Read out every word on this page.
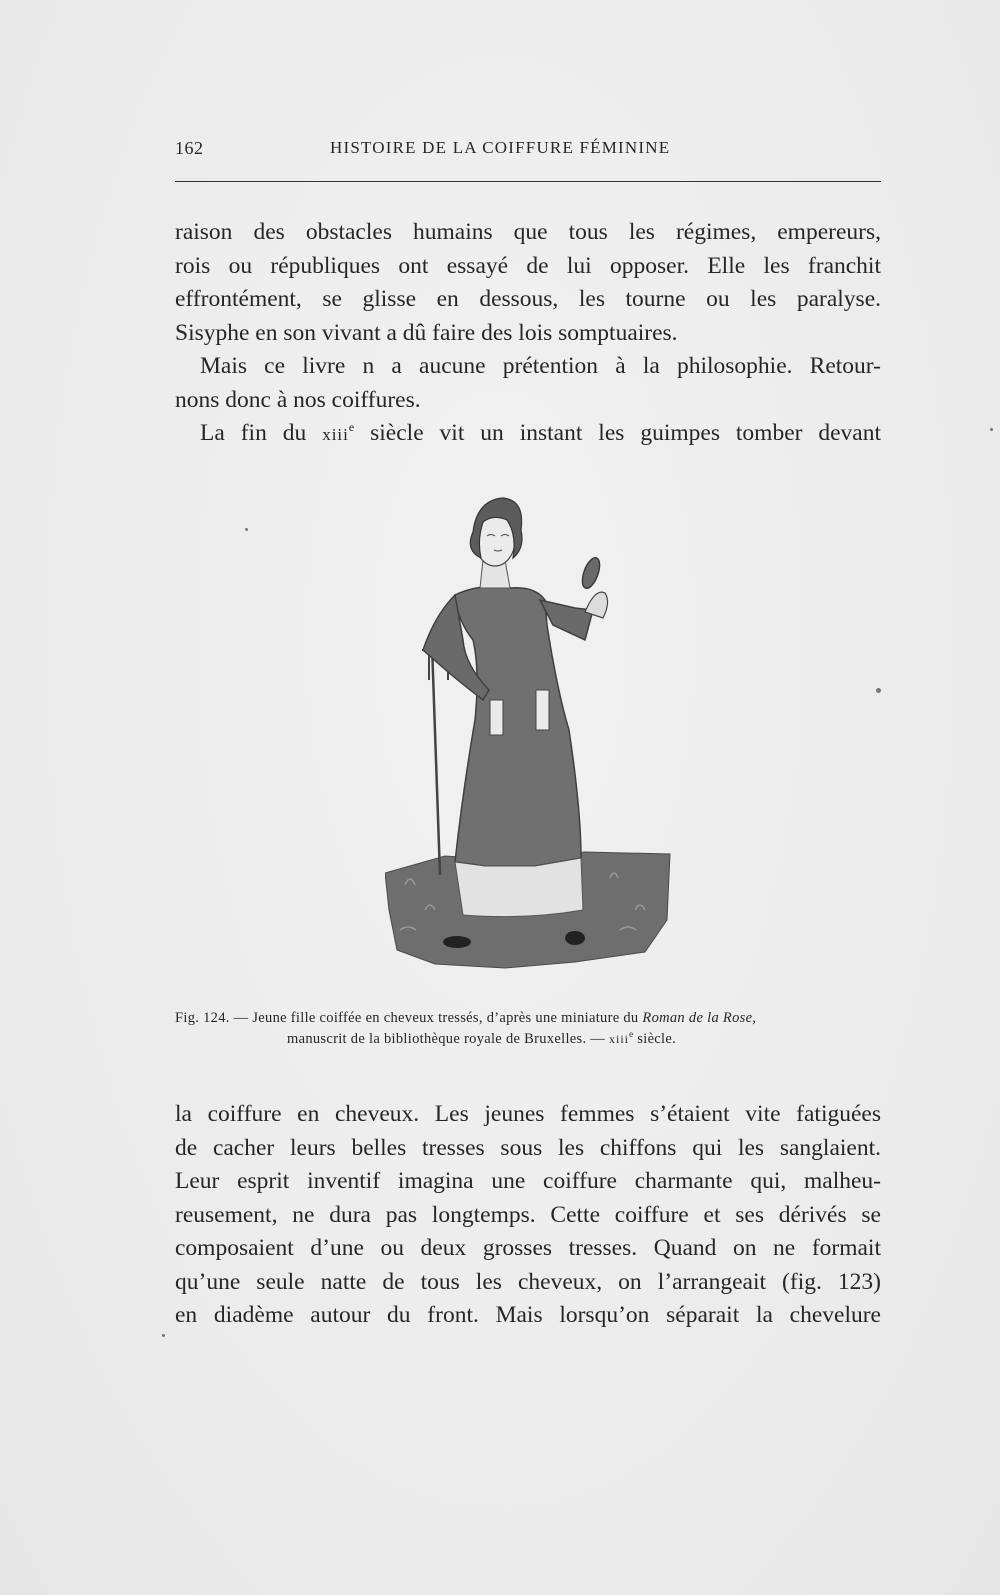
162	HISTOIRE DE LA COIFFURE FÉMININE
raison des obstacles humains que tous les régimes, empereurs,
rois ou républiques ont essayé de lui opposer. Elle les franchit
effrontément, se glisse en dessous, les tourne ou les paralyse.
Sisyphe en son vivant a dû faire des lois somptuaires.
Mais ce livre n a aucune prétention à la philosophie. Retour-
nons donc à nos coiffures.
La fin du xiii$^e$ siècle vit un instant les guimpes tomber devant
Fig. 124. — Jeune fille coiffée en cheveux tressés, d’après une miniature du Roman de la Rose,
manuscrit de la bibliothèque royale de Bruxelles. — xiii$^e$ siècle.
la coiffure en cheveux. Les jeunes femmes s’étaient vite fatiguées
de cacher leurs belles tresses sous les chiffons qui les sanglaient.
Leur esprit inventif imagina une coiffure charmante qui, malheu-
reusement, ne dura pas longtemps. Cette coiffure et ses dérivés se
composaient d’une ou deux grosses tresses. Quand on ne formait
qu’une seule natte de tous les cheveux, on l’arrangeait (fig. 123)
en diadème autour du front. Mais lorsqu’on séparait la chevelure
